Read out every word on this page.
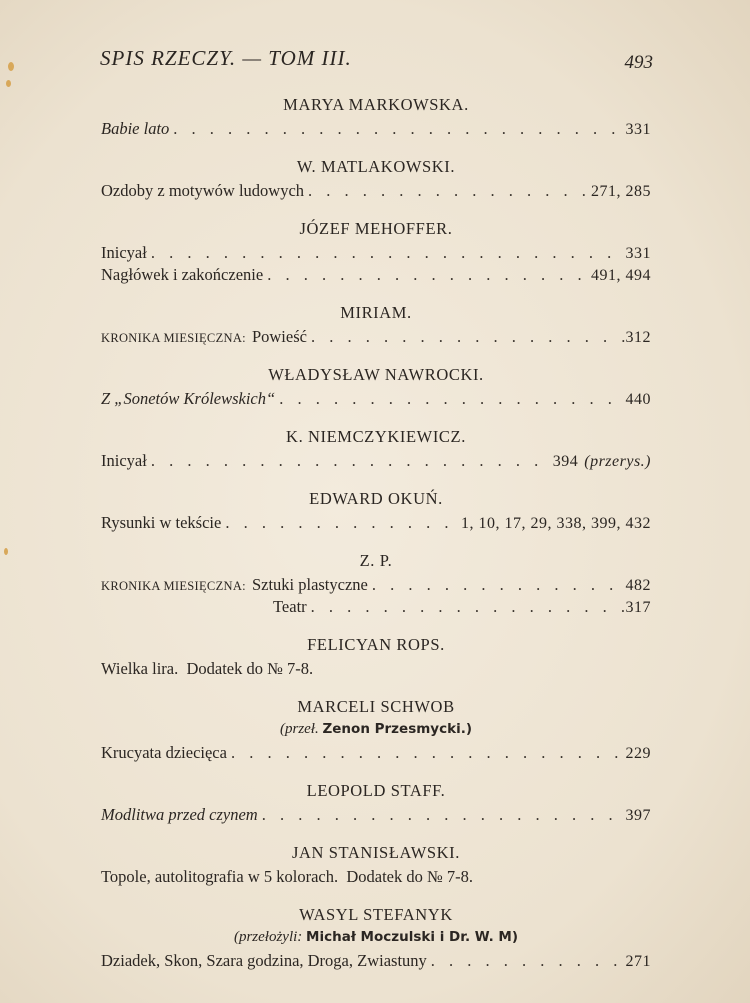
SPIS RZECZY. — TOM III.	493
MARYA MARKOWSKA.
Babie lato . . .	331
W. MATLAKOWSKI.
Ozdoby z motywów ludowych . . .	271, 285
JÓZEF MEHOFFER.
Inicyał . . .	331
Nagłówek i zakończenie . . .	491, 494
MIRIAM.
KRONIKA MIESIĘCZNA: Powieść . . .	312
WŁADYSŁAW NAWROCKI.
Z „Sonetów Królewskich“ . . .	440
K. NIEMCZYKIEWICZ.
Inicyał . . .	394 (przerys.)
EDWARD OKUŃ.
Rysunki w tekście . . .	1, 10, 17, 29, 338, 399, 432
Z. P.
KRONIKA MIESIĘCZNA: Sztuki plastyczne . . .	482
Teatr . . .	317
FELICYAN ROPS.
Wielka lira.  Dodatek do № 7-8.
MARCELI SCHWOB
(przeł. Zenon Przesmycki.)
Krucyata dziecięca . . .	229
LEOPOLD STAFF.
Modlitwa przed czynem . . .	397
JAN STANISŁAWSKI.
Topole, autolitografia w 5 kolorach.  Dodatek do № 7-8.
WASYL STEFANYK
(przełożyli: Michał Moczulski i Dr. W. M)
Dziadek, Skon, Szara godzina, Droga, Zwiastuny . . .	271
